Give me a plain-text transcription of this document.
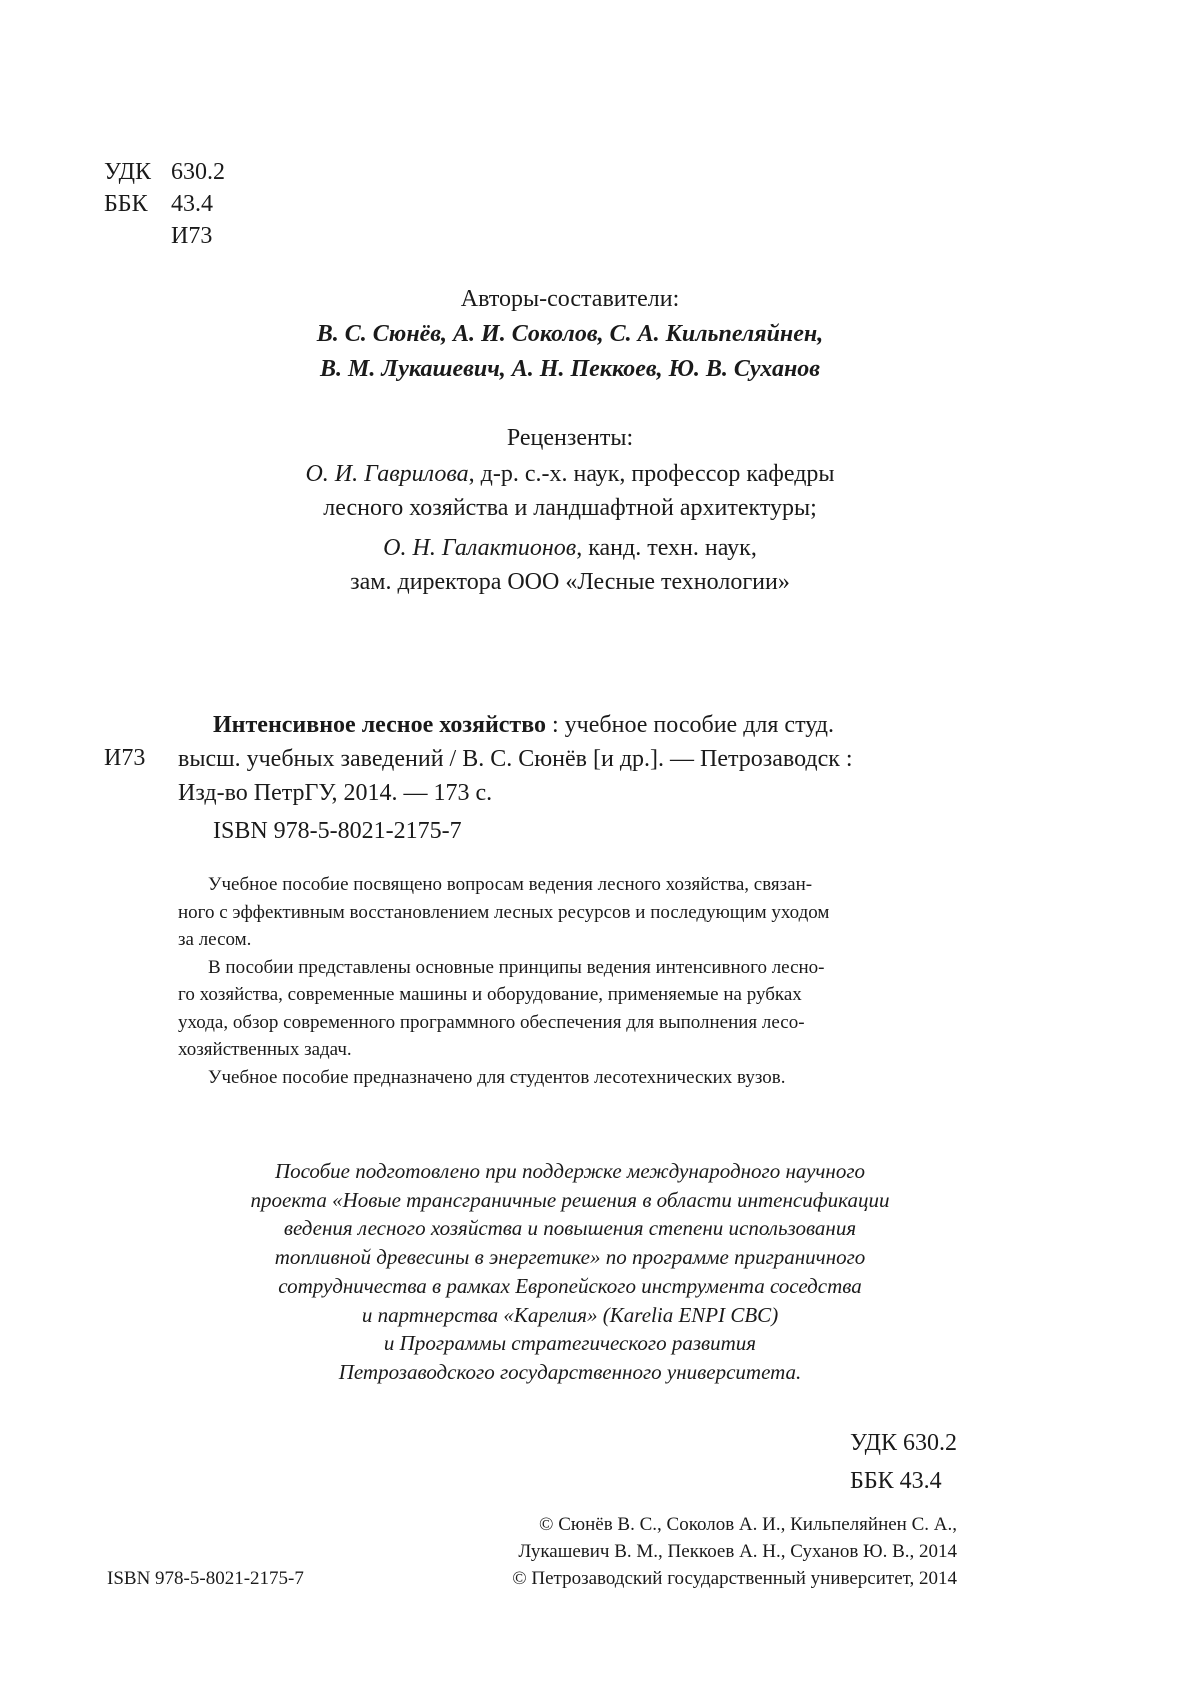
УДК 630.2
ББК 43.4
И73
Авторы-составители:
В. С. Сюнёв, А. И. Соколов, С. А. Кильпеляйнен,
В. М. Лукашевич, А. Н. Пеккоев, Ю. В. Суханов
Рецензенты:
О. И. Гаврилова, д-р. с.-х. наук, профессор кафедры
лесного хозяйства и ландшафтной архитектуры;
О. Н. Галактионов, канд. техн. наук,
зам. директора ООО «Лесные технологии»
И73
Интенсивное лесное хозяйство : учебное пособие для студ.
высш. учебных заведений / В. С. Сюнёв [и др.]. — Петрозаводск :
Изд-во ПетрГУ, 2014. — 173 с.
ISBN 978-5-8021-2175-7
Учебное пособие посвящено вопросам ведения лесного хозяйства, связан-
ного с эффективным восстановлением лесных ресурсов и последующим уходом
за лесом.
В пособии представлены основные принципы ведения интенсивного лесно-
го хозяйства, современные машины и оборудование, применяемые на рубках
ухода, обзор современного программного обеспечения для выполнения лесо-
хозяйственных задач.
Учебное пособие предназначено для студентов лесотехнических вузов.
Пособие подготовлено при поддержке международного научного
проекта «Новые трансграничные решения в области интенсификации
ведения лесного хозяйства и повышения степени использования
топливной древесины в энергетике» по программе приграничного
сотрудничества в рамках Европейского инструмента соседства
и партнерства «Карелия» (Karelia ENPI CBC)
и Программы стратегического развития
Петрозаводского государственного университета.
УДК 630.2
ББК 43.4
ISBN 978-5-8021-2175-7
© Сюнёв В. С., Соколов А. И., Кильпеляйнен С. А.,
Лукашевич В. М., Пеккоев А. Н., Суханов Ю. В., 2014
© Петрозаводский государственный университет, 2014
